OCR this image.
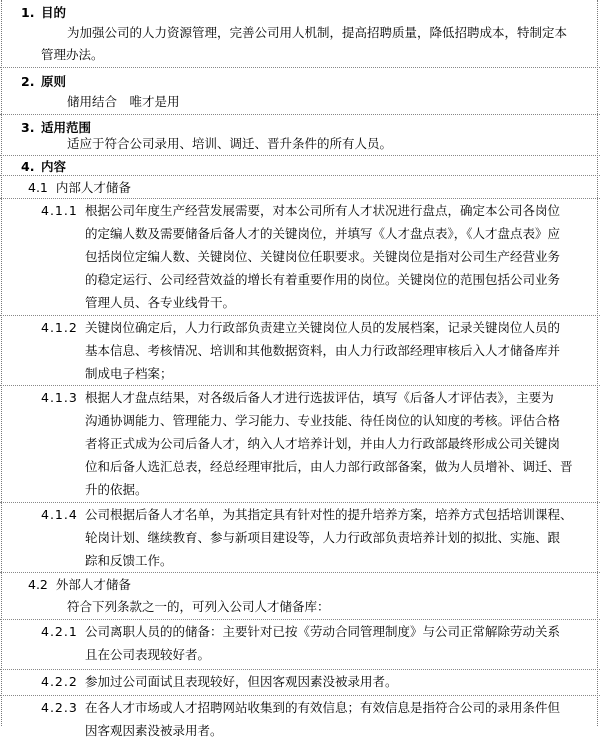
1. 目的
为加强公司的人力资源管理，完善公司用人机制，提高招聘质量，降低招聘成本，特制定本
管理办法。
2. 原则
储用结合　唯才是用
3. 适用范围
适应于符合公司录用、培训、调迁、晋升条件的所有人员。
4. 内容
4.1 内部人才储备
4.1.1 根据公司年度生产经营发展需要，对本公司所有人才状况进行盘点，确定本公司各岗位
的定编人数及需要储备后备人才的关键岗位，并填写《人才盘点表》，《人才盘点表》应
包括岗位定编人数、关键岗位、关键岗位任职要求。关键岗位是指对公司生产经营业务
的稳定运行、公司经营效益的增长有着重要作用的岗位。关键岗位的范围包括公司业务
管理人员、各专业线骨干。
4.1.2 关键岗位确定后，人力行政部负责建立关键岗位人员的发展档案，记录关键岗位人员的
基本信息、考核情况、培训和其他数据资料，由人力行政部经理审核后入人才储备库并
制成电子档案；
4.1.3 根据人才盘点结果，对各级后备人才进行选拔评估，填写《后备人才评估表》，主要为
沟通协调能力、管理能力、学习能力、专业技能、待任岗位的认知度的考核。评估合格
者将正式成为公司后备人才，纳入人才培养计划，并由人力行政部最终形成公司关键岗
位和后备人选汇总表，经总经理审批后，由人力部行政部备案，做为人员增补、调迁、晋
升的依据。
4.1.4 公司根据后备人才名单，为其指定具有针对性的提升培养方案，培养方式包括培训课程、
轮岗计划、继续教育、参与新项目建设等，人力行政部负责培养计划的拟批、实施、跟
踪和反馈工作。
4.2 外部人才储备
符合下列条款之一的，可列入公司人才储备库：
4.2.1 公司离职人员的的储备：主要针对已按《劳动合同管理制度》与公司正常解除劳动关系
且在公司表现较好者。
4.2.2 参加过公司面试且表现较好，但因客观因素没被录用者。
4.2.3 在各人才市场或人才招聘网站收集到的有效信息；有效信息是指符合公司的录用条件但
因客观因素没被录用者。
